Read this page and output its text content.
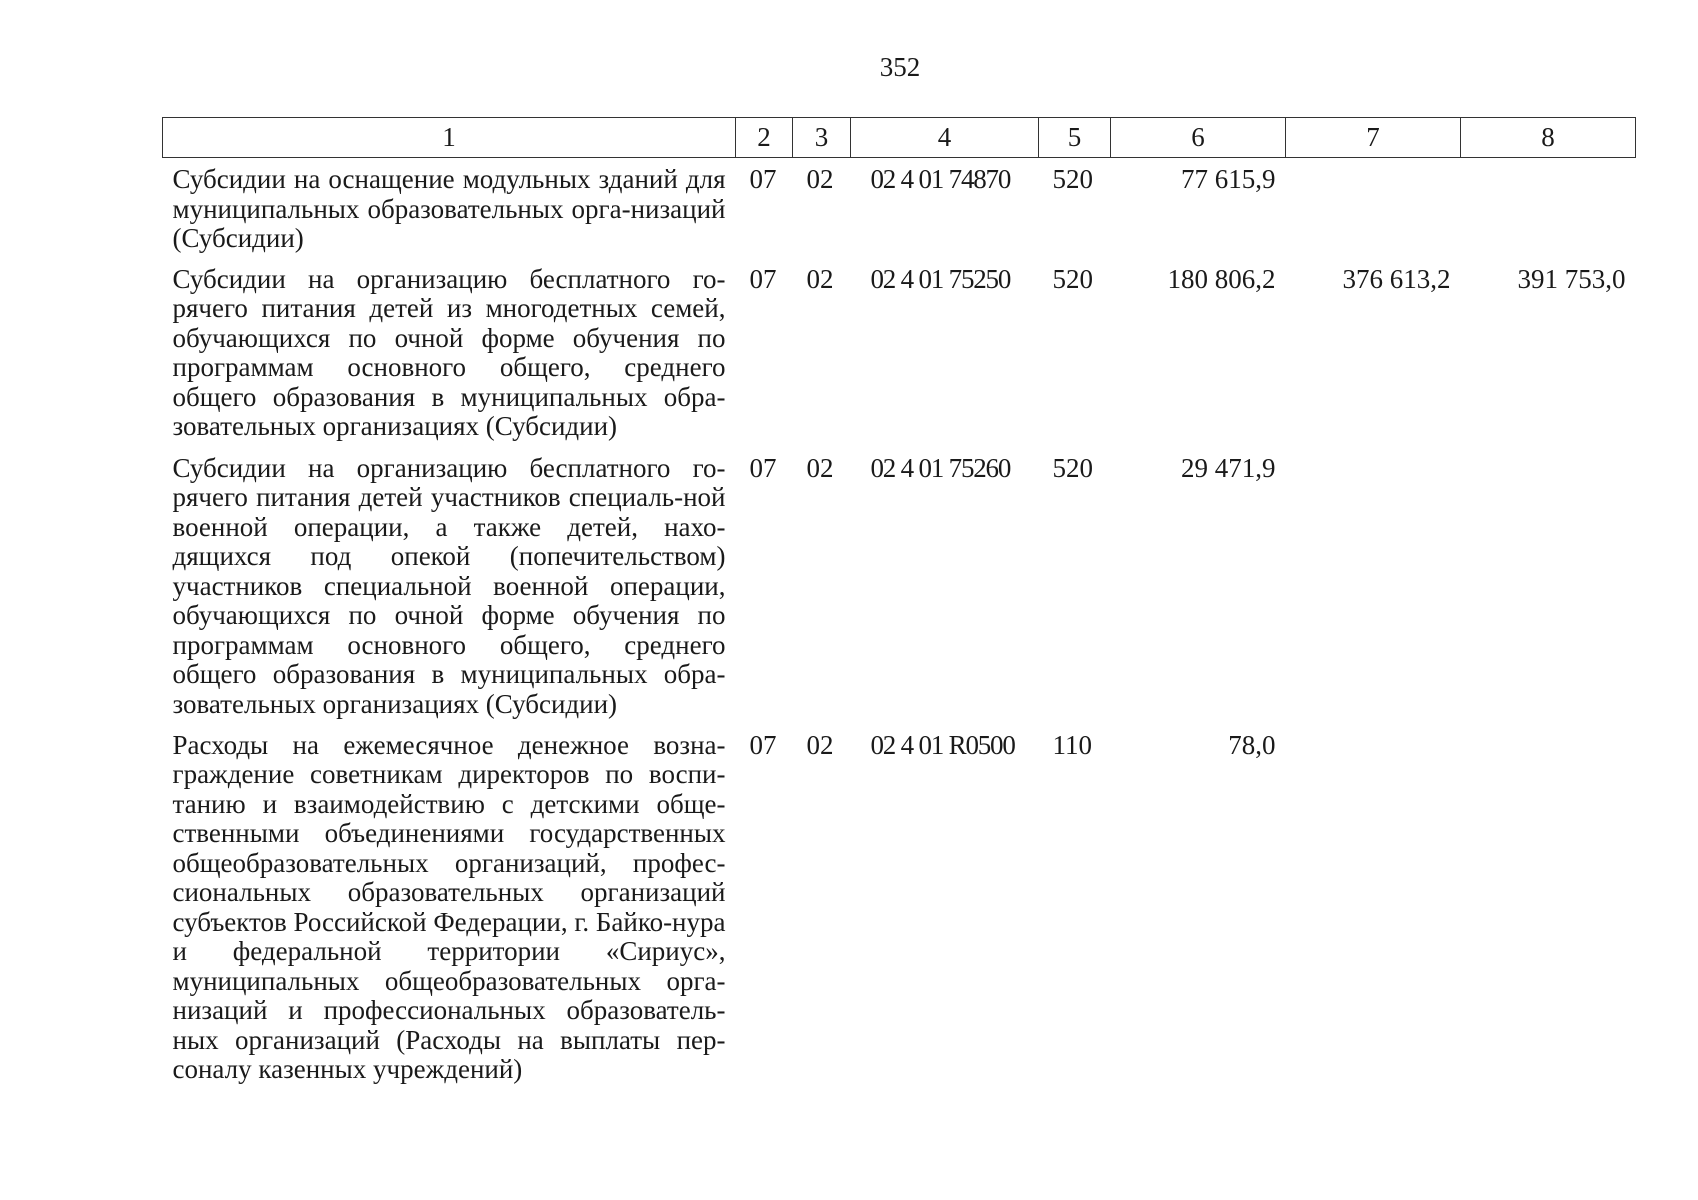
352
1	2	3	4	5	6	7	8
Субсидии на оснащение модульных зданий для муниципальных образовательных орга-низаций (Субсидии)	07	02	02 4 01 74870	520	77 615,9		
Субсидии на организацию бесплатного го-рячего питания детей из многодетных семей, обучающихся по очной форме обучения по программам основного общего, среднего общего образования в муниципальных обра-зовательных организациях (Субсидии)	07	02	02 4 01 75250	520	180 806,2	376 613,2	391 753,0
Субсидии на организацию бесплатного го-рячего питания детей участников специаль-ной военной операции, а также детей, нахо-дящихся под опекой (попечительством) участников специальной военной операции, обучающихся по очной форме обучения по программам основного общего, среднего общего образования в муниципальных обра-зовательных организациях (Субсидии)	07	02	02 4 01 75260	520	29 471,9		
Расходы на ежемесячное денежное возна-граждение советникам директоров по воспи-танию и взаимодействию с детскими обще-ственными объединениями государственных общеобразовательных организаций, профес-сиональных образовательных организаций субъектов Российской Федерации, г. Байко-нура и федеральной территории «Сириус», муниципальных общеобразовательных орга-низаций и профессиональных образователь-ных организаций (Расходы на выплаты пер-соналу казенных учреждений)	07	02	02 4 01 R0500	110	78,0		
